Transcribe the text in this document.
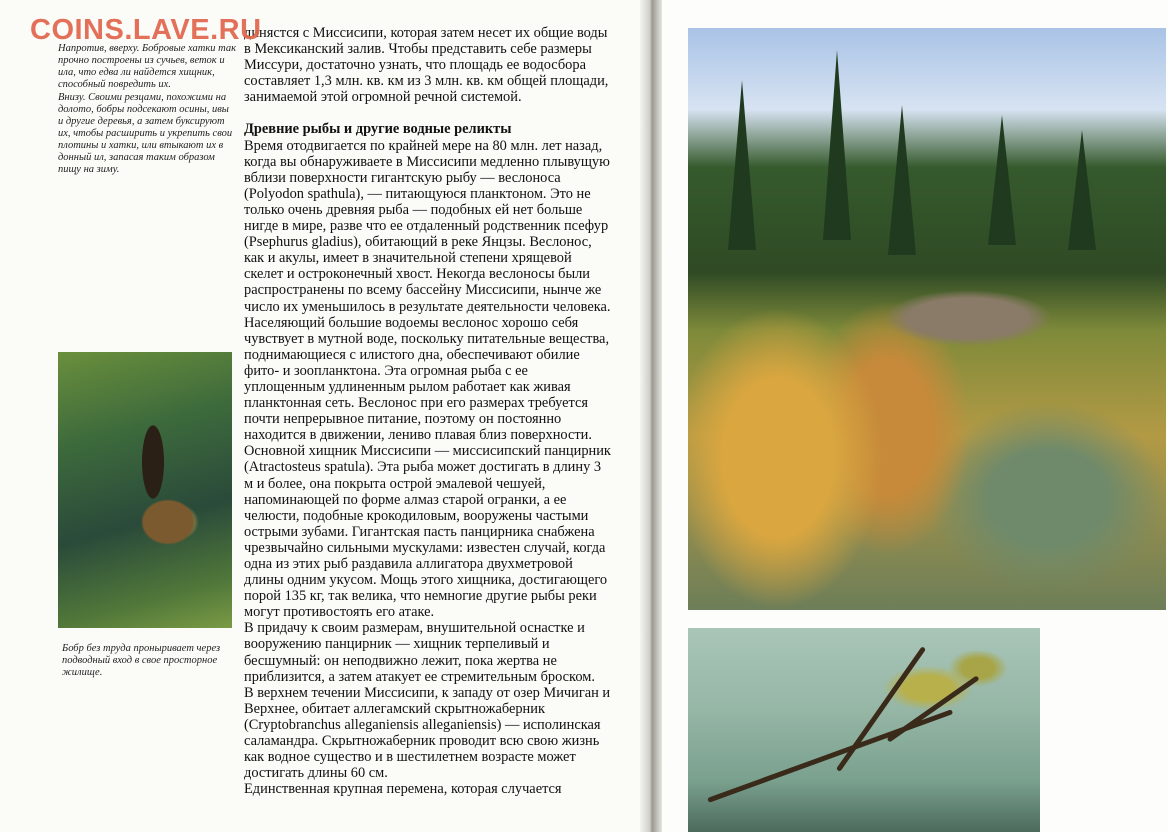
COINS.LAVE.RU

Напротив, вверху. Бобровые хатки так прочно построены из сучьев, веток и ила, что едва ли найдется хищник, способный повредить их.

Внизу. Своими резцами, похожими на долото, бобры подсекают осины, ивы и другие деревья, а затем буксируют их, чтобы расширить и укрепить свои плотины и хатки, или втыкают их в донный ил, запасая таким образом пищу на зиму.

Бобр без труда проныривает через подводный вход в свое просторное жилище.

динястся с Миссисипи, которая затем несет их общие воды в Мексиканский залив. Чтобы представить себе размеры Миссури, достаточно узнать, что площадь ее водосбора составляет 1,3 млн. кв. км из 3 млн. кв. км общей площади, занимаемой этой огромной речной системой.

Древние рыбы и другие водные реликты

Время отодвигается по крайней мере на 80 млн. лет назад, когда вы обнаруживаете в Миссисипи медленно плывущую вблизи поверхности гигантскую рыбу — веслоноса (Polyodon spathula), — питающуюся планктоном. Это не только очень древняя рыба — подобных ей нет больше нигде в мире, разве что ее отдаленный родственник псефур (Psephurus gladius), обитающий в реке Янцзы. Веслонос, как и акулы, имеет в значительной степени хрящевой скелет и остроконечный хвост. Некогда веслоносы были распространены по всему бассейну Миссисипи, нынче же число их уменьшилось в результате деятельности человека.

Населяющий большие водоемы веслонос хорошо себя чувствует в мутной воде, поскольку питательные вещества, поднимающиеся с илистого дна, обеспечивают обилие фито- и зоопланктона. Эта огромная рыба с ее уплощенным удлиненным рылом работает как живая планктонная сеть. Веслонос при его размерах требуется почти непрерывное питание, поэтому он постоянно находится в движении, лениво плавая близ поверхности.

Основной хищник Миссисипи — миссисипский панцирник (Atractosteus spatula). Эта рыба может достигать в длину 3 м и более, она покрыта острой эмалевой чешуей, напоминающей по форме алмаз старой огранки, а ее челюсти, подобные крокодиловым, вооружены частыми острыми зубами. Гигантская пасть панцирника снабжена чрезвычайно сильными мускулами: известен случай, когда одна из этих рыб раздавила аллигатора двухметровой длины одним укусом. Мощь этого хищника, достигающего порой 135 кг, так велика, что немногие другие рыбы реки могут противостоять его атаке.

В придачу к своим размерам, внушительной оснастке и вооружению панцирник — хищник терпеливый и бесшумный: он неподвижно лежит, пока жертва не приблизится, а затем атакует ее стремительным броском.

В верхнем течении Миссисипи, к западу от озер Мичиган и Верхнее, обитает аллегамский скрытножаберник (Cryptobranchus alleganiensis alleganiensis) — исполинская саламандра. Скрытножаберник проводит всю свою жизнь как водное существо и в шестилетнем возрасте может достигать длины 60 см.

Единственная крупная перемена, которая случается
